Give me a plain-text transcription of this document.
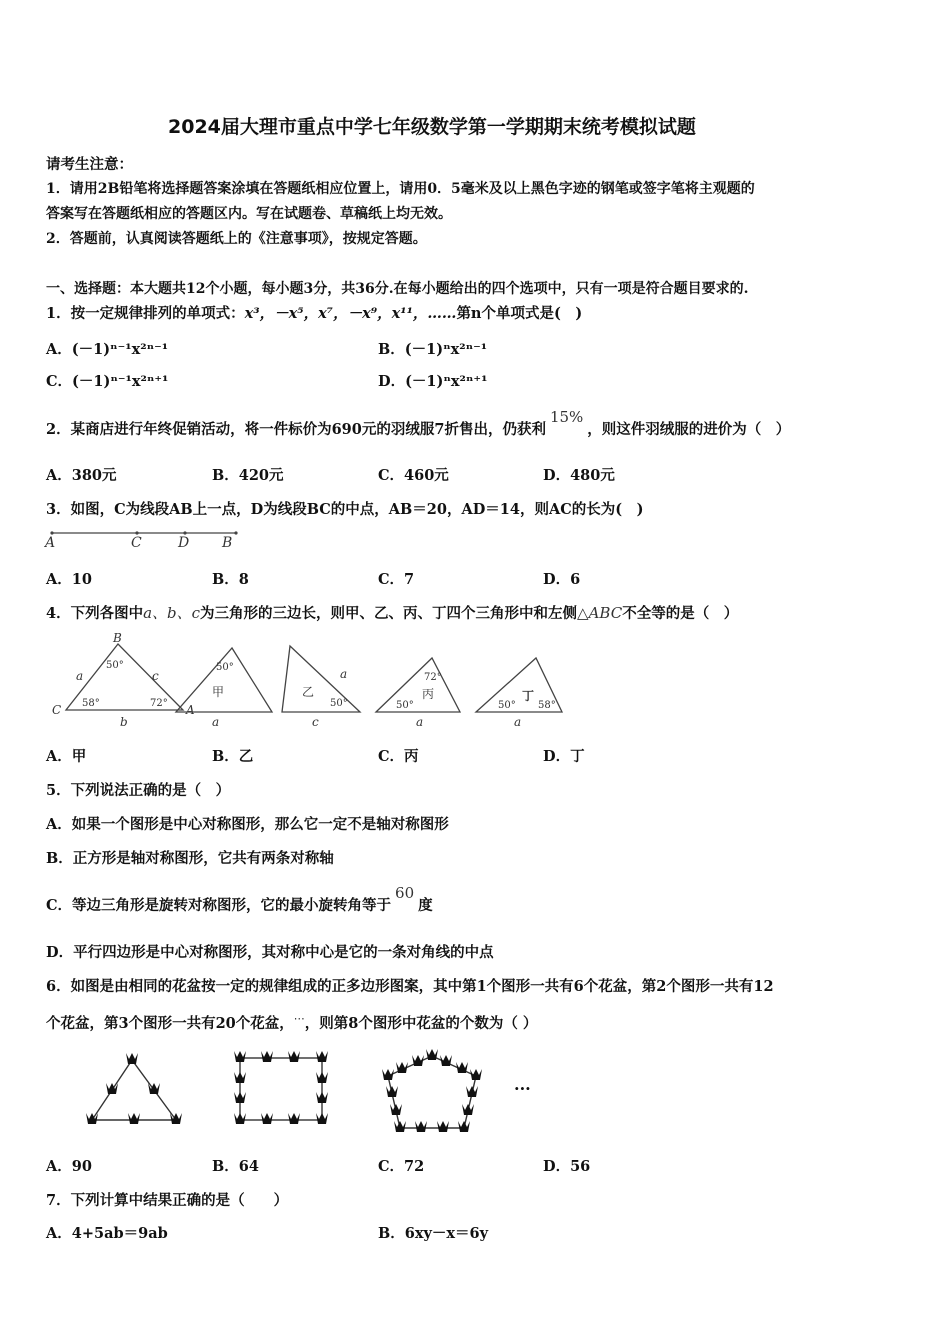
2024届大理市重点中学七年级数学第一学期期末统考模拟试题
请考生注意：
1．请用2B铅笔将选择题答案涂填在答题纸相应位置上，请用0．5毫米及以上黑色字迹的钢笔或签字笔将主观题的
答案写在答题纸相应的答题区内。写在试题卷、草稿纸上均无效。
2．答题前，认真阅读答题纸上的《注意事项》，按规定答题。
一、选择题：本大题共12个小题，每小题3分，共36分.在每小题给出的四个选项中，只有一项是符合题目要求的.
1．按一定规律排列的单项式：x³，－x⁵，x⁷，－x⁹，x¹¹，……第n个单项式是(　)
A．(－1)ⁿ⁻¹x²ⁿ⁻¹	B．(－1)ⁿx²ⁿ⁻¹
C．(－1)ⁿ⁻¹x²ⁿ⁺¹	D．(－1)ⁿx²ⁿ⁺¹
2．某商店进行年终促销活动，将一件标价为690元的羽绒服7折售出，仍获利15%，则这件羽绒服的进价为（　）
A．380元	B．420元	C．460元	D．480元
3．如图，C为线段AB上一点，D为线段BC的中点，AB＝20，AD＝14，则AC的长为(　)
A	C	D B
A．10	B．8	C．7	D．6
4．下列各图中a、b、c为三角形的三边长，则甲、乙、丙、丁四个三角形中和左侧△ABC不全等的是（　）
B
C	A
a	c
b
50°
58°	72°
50°
甲
a
a
乙
50°
c
72°
丙
50°
a
50°
丁
58°
a
A．甲	B．乙	C．丙	D．丁
5．下列说法正确的是（　）
A．如果一个图形是中心对称图形，那么它一定不是轴对称图形
B．正方形是轴对称图形，它共有两条对称轴
C．等边三角形是旋转对称图形，它的最小旋转角等于60度
D．平行四边形是中心对称图形，其对称中心是它的一条对角线的中点
6．如图是由相同的花盆按一定的规律组成的正多边形图案，其中第1个图形一共有6个花盆，第2个图形一共有12
个花盆，第3个图形一共有20个花盆，⋯，则第8个图形中花盆的个数为（ ）
...
A．90	B．64	C．72	D．56
7．下列计算中结果正确的是（　　）
A．4+5ab＝9ab	B．6xy－x＝6y
